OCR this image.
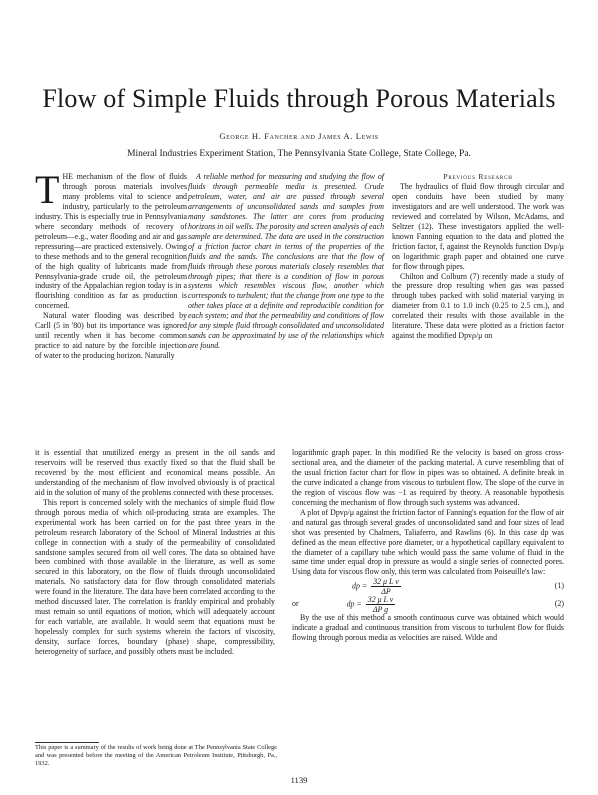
Flow of Simple Fluids through Porous Materials
George H. Fancher and James A. Lewis
Mineral Industries Experiment Station, The Pennsylvania State College, State College, Pa.

THE mechanism of the flow of fluids through porous materials involves many problems vital to science and industry, particularly to the petroleum industry. This is especially true in Pennsylvania where secondary methods of recovery of petroleum—e.g., water flooding and air and gas repressuring—are practiced extensively. Owing to these methods and to the general recognition of the high quality of lubricants made from Pennsylvania-grade crude oil, the petroleum industry of the Appalachian region today is in a flourishing condition as far as production is concerned.

Natural water flooding was described by Carll (5 in '80) but its importance was ignored until recently when it has become common practice to aid nature by the forcible injection of water to the producing horizon. Naturally

A reliable method for measuring and studying the flow of fluids through permeable media is presented. Crude petroleum, water, and air are passed through several arrangements of unconsolidated sands and samples from many sandstones. The latter are cores from producing horizons in oil wells. The porosity and screen analysis of each sample are determined. The data are used in the construction of a friction factor chart in terms of the properties of the fluids and the sands. The conclusions are that the flow of fluids through these porous materials closely resembles that through pipes; that there is a condition of flow in porous systems which resembles viscous flow, another which corresponds to turbulent; that the change from one type to the other takes place at a definite and reproducible condition for each system; and that the permeability and conditions of flow for any simple fluid through consolidated and unconsolidated sands can be approximated by use of the relationships which are found.

Previous Research

The hydraulics of fluid flow through circular and open conduits have been studied by many investigators and are well understood. The work was reviewed and correlated by Wilson, McAdams, and Seltzer (12). These investigators applied the well-known Fanning equation to the data and plotted the friction factor, f, against the Reynolds function Dvρ/μ on logarithmic graph paper and obtained one curve for flow through pipes.

Chilton and Colburn (7) recently made a study of the pressure drop resulting when gas was passed through tubes packed with solid material varying in diameter from 0.1 to 1.0 inch (0.25 to 2.5 cm.), and correlated their results with those available in the literature. These data were plotted as a friction factor against the modified Dpvρ/μ on

it is essential that unutilized energy as present in the oil sands and reservoirs will be reserved thus exactly fixed so that the fluid shall be recovered by the most efficient and economical means possible. An understanding of the mechanism of flow involved obviously is of practical aid in the solution of many of the problems connected with these processes.

This report is concerned solely with the mechanics of simple fluid flow through porous media of which oil-producing strata are examples. The experimental work has been carried on for the past three years in the petroleum research laboratory of the School of Mineral Industries at this college in connection with a study of the permeability of consolidated sandstone samples secured from oil well cores. The data so obtained have been combined with those available in the literature, as well as some secured in this laboratory, on the flow of fluids through unconsolidated materials. No satisfactory data for flow through consolidated materials were found in the literature. The data have been correlated according to the method discussed later. The correlation is frankly empirical and probably must remain so until equations of motion, which will adequately account for each variable, are available. It would seem that equations must be hopelessly complex for such systems wherein the factors of viscosity, density, surface forces, boundary (phase) shape, compressibility, heterogeneity of surface, and possibly others must be included.

logarithmic graph paper. In this modified Re the velocity is based on gross cross-sectional area, and the diameter of the packing material. A curve resembling that of the usual friction factor chart for flow in pipes was so obtained. A definite break in the curve indicated a change from viscous to turbulent flow. The slope of the curve in the region of viscous flow was −1 as required by theory. A reasonable hypothesis concerning the mechanism of flow through such systems was advanced.

A plot of Dpvρ/μ against the friction factor of Fanning's equation for the flow of air and natural gas through several grades of unconsolidated sand and four sizes of lead shot was presented by Chalmers, Taliaferro, and Rawlins (6). In this case dp was defined as the mean effective pore diameter, or a hypothetical capillary equivalent to the diameter of a capillary tube which would pass the same volume of fluid in the same time under equal drop in pressure as would a single series of connected pores. Using data for viscous flow only, this term was calculated from Poiseuille's law:

dp = $\frac{\text{32 μ L v}}{\Delta P}$	(1)
or	dp = $\frac{\text{32 μ L v}}{\text{ΔP g}}$	(2)

By the use of this method a smooth continuous curve was obtained which would indicate a gradual and continuous transition from viscous to turbulent flow for fluids flowing through porous media as velocities are raised. Wilde and

This paper is a summary of the results of work being done at The Pennsylvania State College and was presented before the meeting of the American Petroleum Institute, Pittsburgh, Pa., 1932.
1139
